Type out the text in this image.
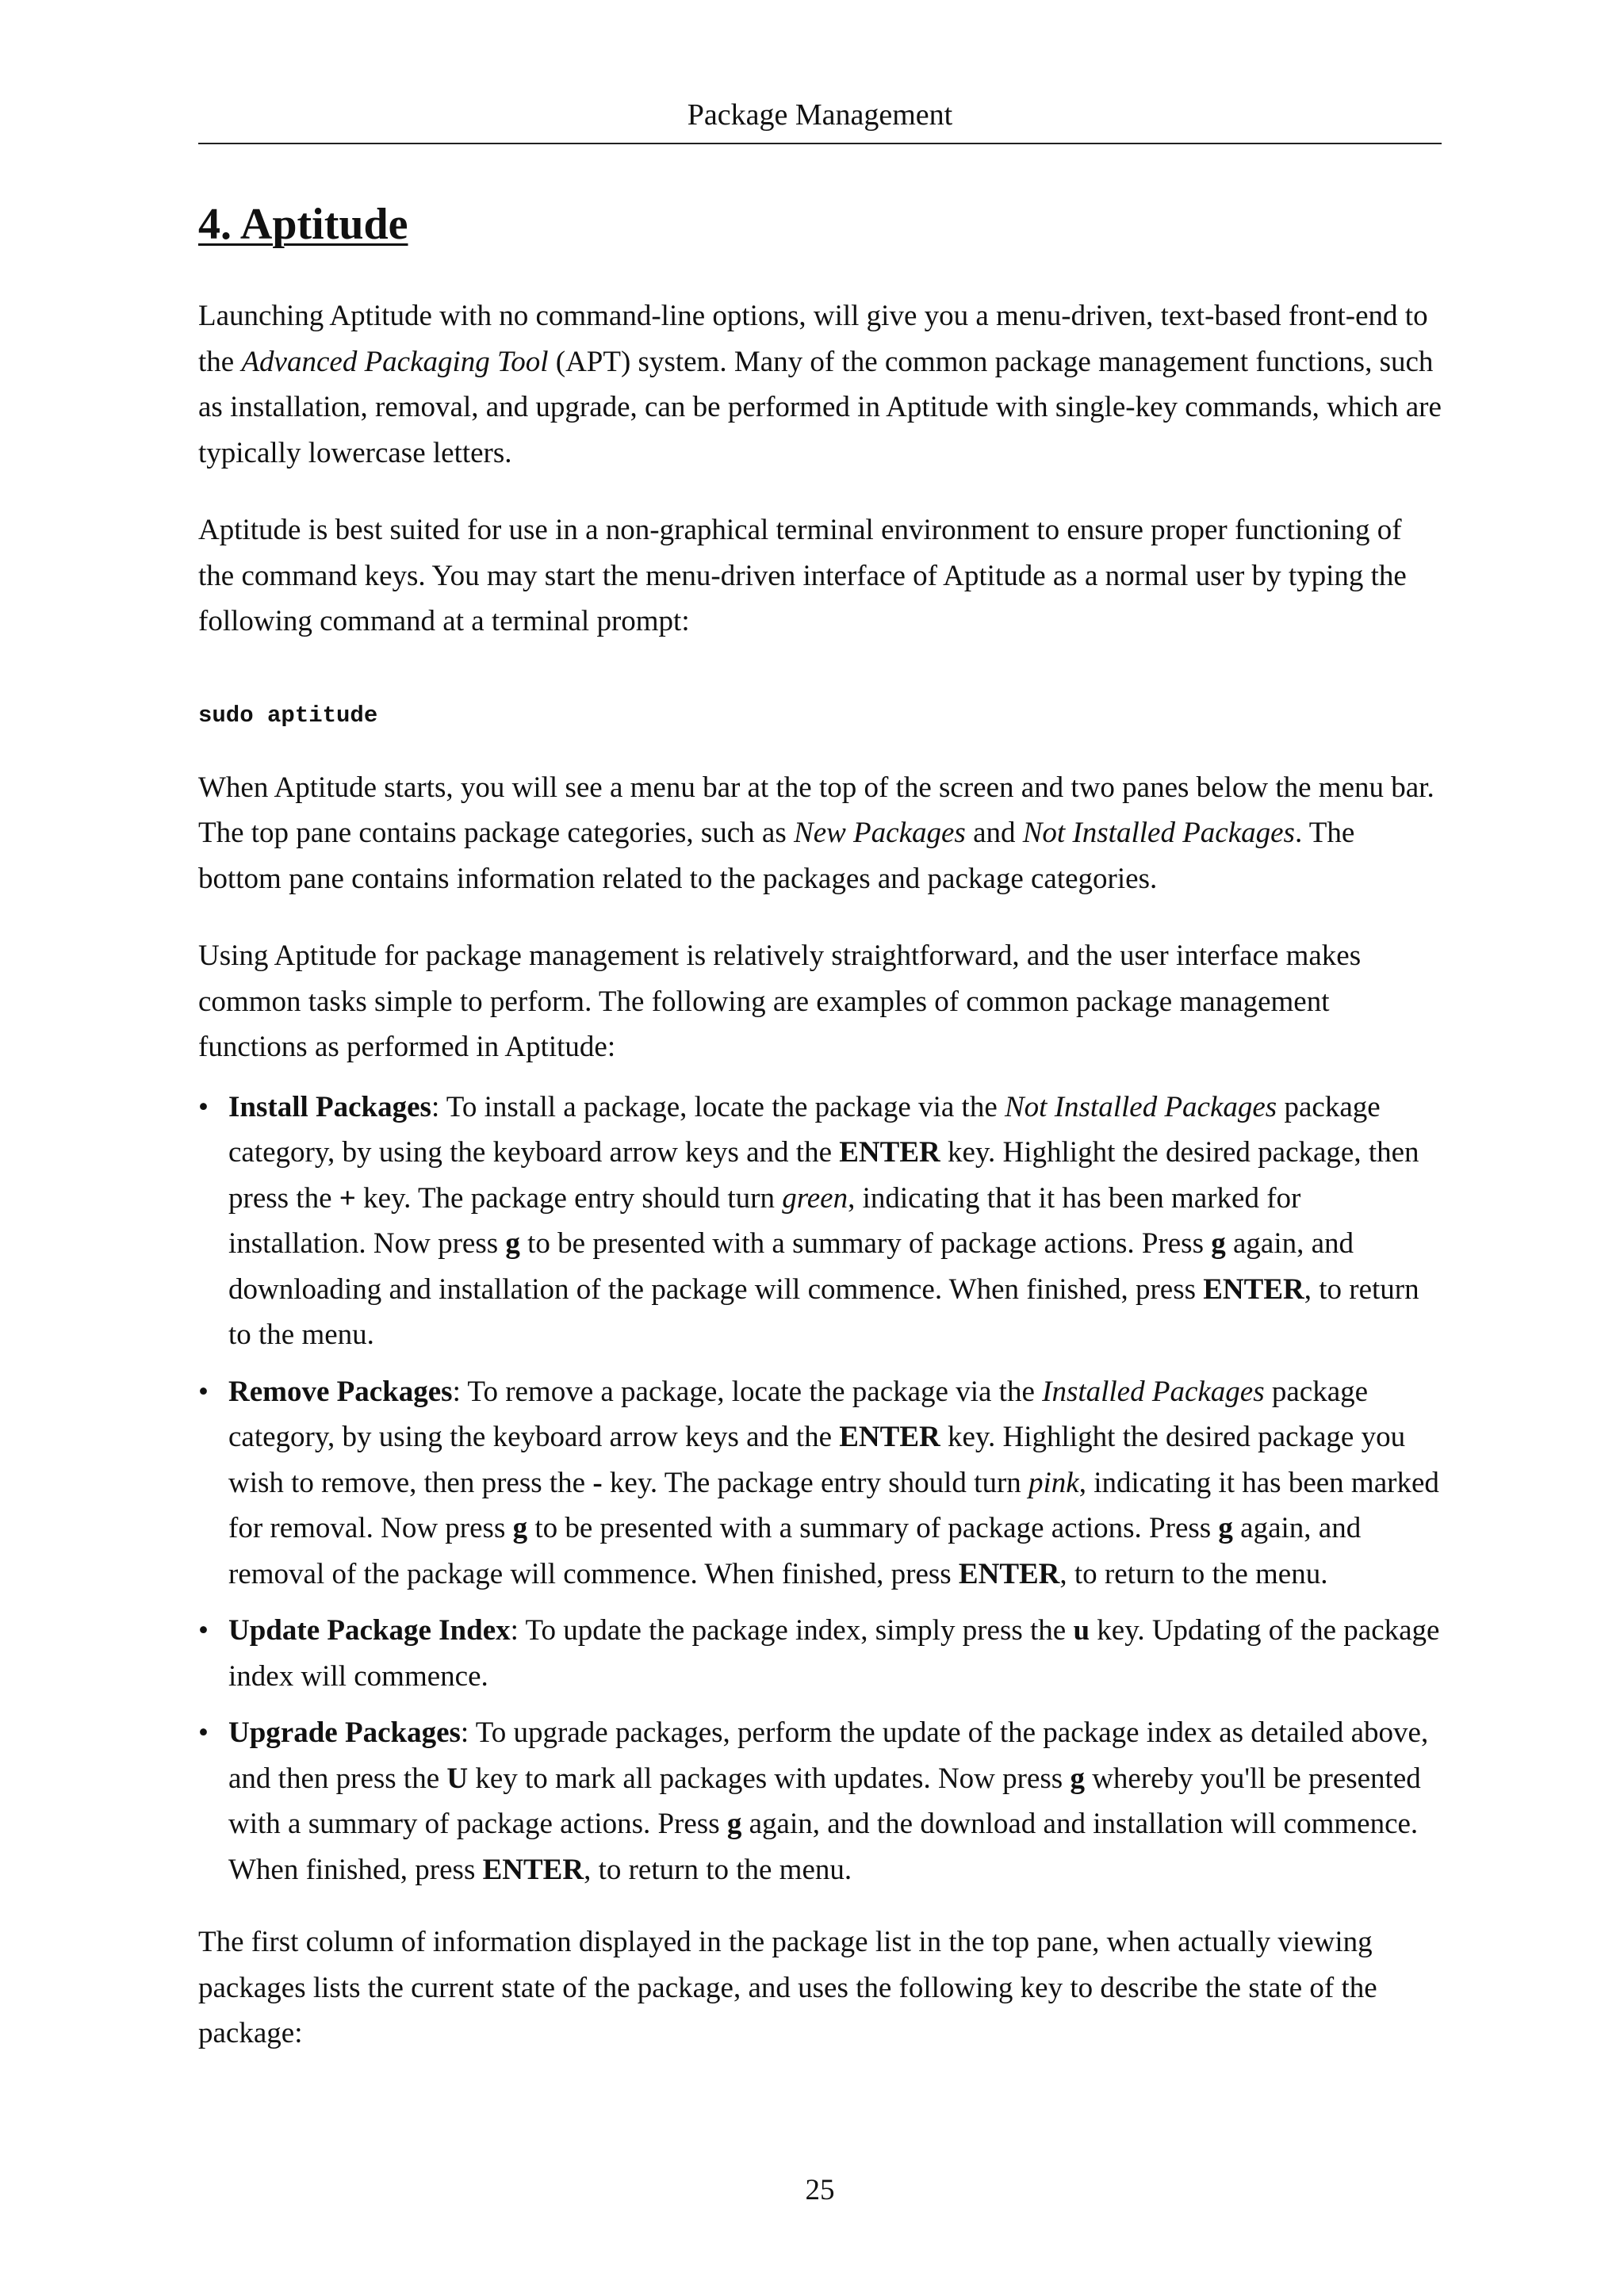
Package Management
4. Aptitude

Launching Aptitude with no command-line options, will give you a menu-driven, text-based front-end to the Advanced Packaging Tool (APT) system. Many of the common package management functions, such as installation, removal, and upgrade, can be performed in Aptitude with single-key commands, which are typically lowercase letters.

Aptitude is best suited for use in a non-graphical terminal environment to ensure proper functioning of the command keys. You may start the menu-driven interface of Aptitude as a normal user by typing the following command at a terminal prompt:

sudo aptitude

When Aptitude starts, you will see a menu bar at the top of the screen and two panes below the menu bar. The top pane contains package categories, such as New Packages and Not Installed Packages. The bottom pane contains information related to the packages and package categories.

Using Aptitude for package management is relatively straightforward, and the user interface makes common tasks simple to perform. The following are examples of common package management functions as performed in Aptitude:

• Install Packages: To install a package, locate the package via the Not Installed Packages package category, by using the keyboard arrow keys and the ENTER key. Highlight the desired package, then press the + key. The package entry should turn green, indicating that it has been marked for installation. Now press g to be presented with a summary of package actions. Press g again, and downloading and installation of the package will commence. When finished, press ENTER, to return to the menu.
• Remove Packages: To remove a package, locate the package via the Installed Packages package category, by using the keyboard arrow keys and the ENTER key. Highlight the desired package you wish to remove, then press the - key. The package entry should turn pink, indicating it has been marked for removal. Now press g to be presented with a summary of package actions. Press g again, and removal of the package will commence. When finished, press ENTER, to return to the menu.
• Update Package Index: To update the package index, simply press the u key. Updating of the package index will commence.
• Upgrade Packages: To upgrade packages, perform the update of the package index as detailed above, and then press the U key to mark all packages with updates. Now press g whereby you'll be presented with a summary of package actions. Press g again, and the download and installation will commence. When finished, press ENTER, to return to the menu.

The first column of information displayed in the package list in the top pane, when actually viewing packages lists the current state of the package, and uses the following key to describe the state of the package:

25
